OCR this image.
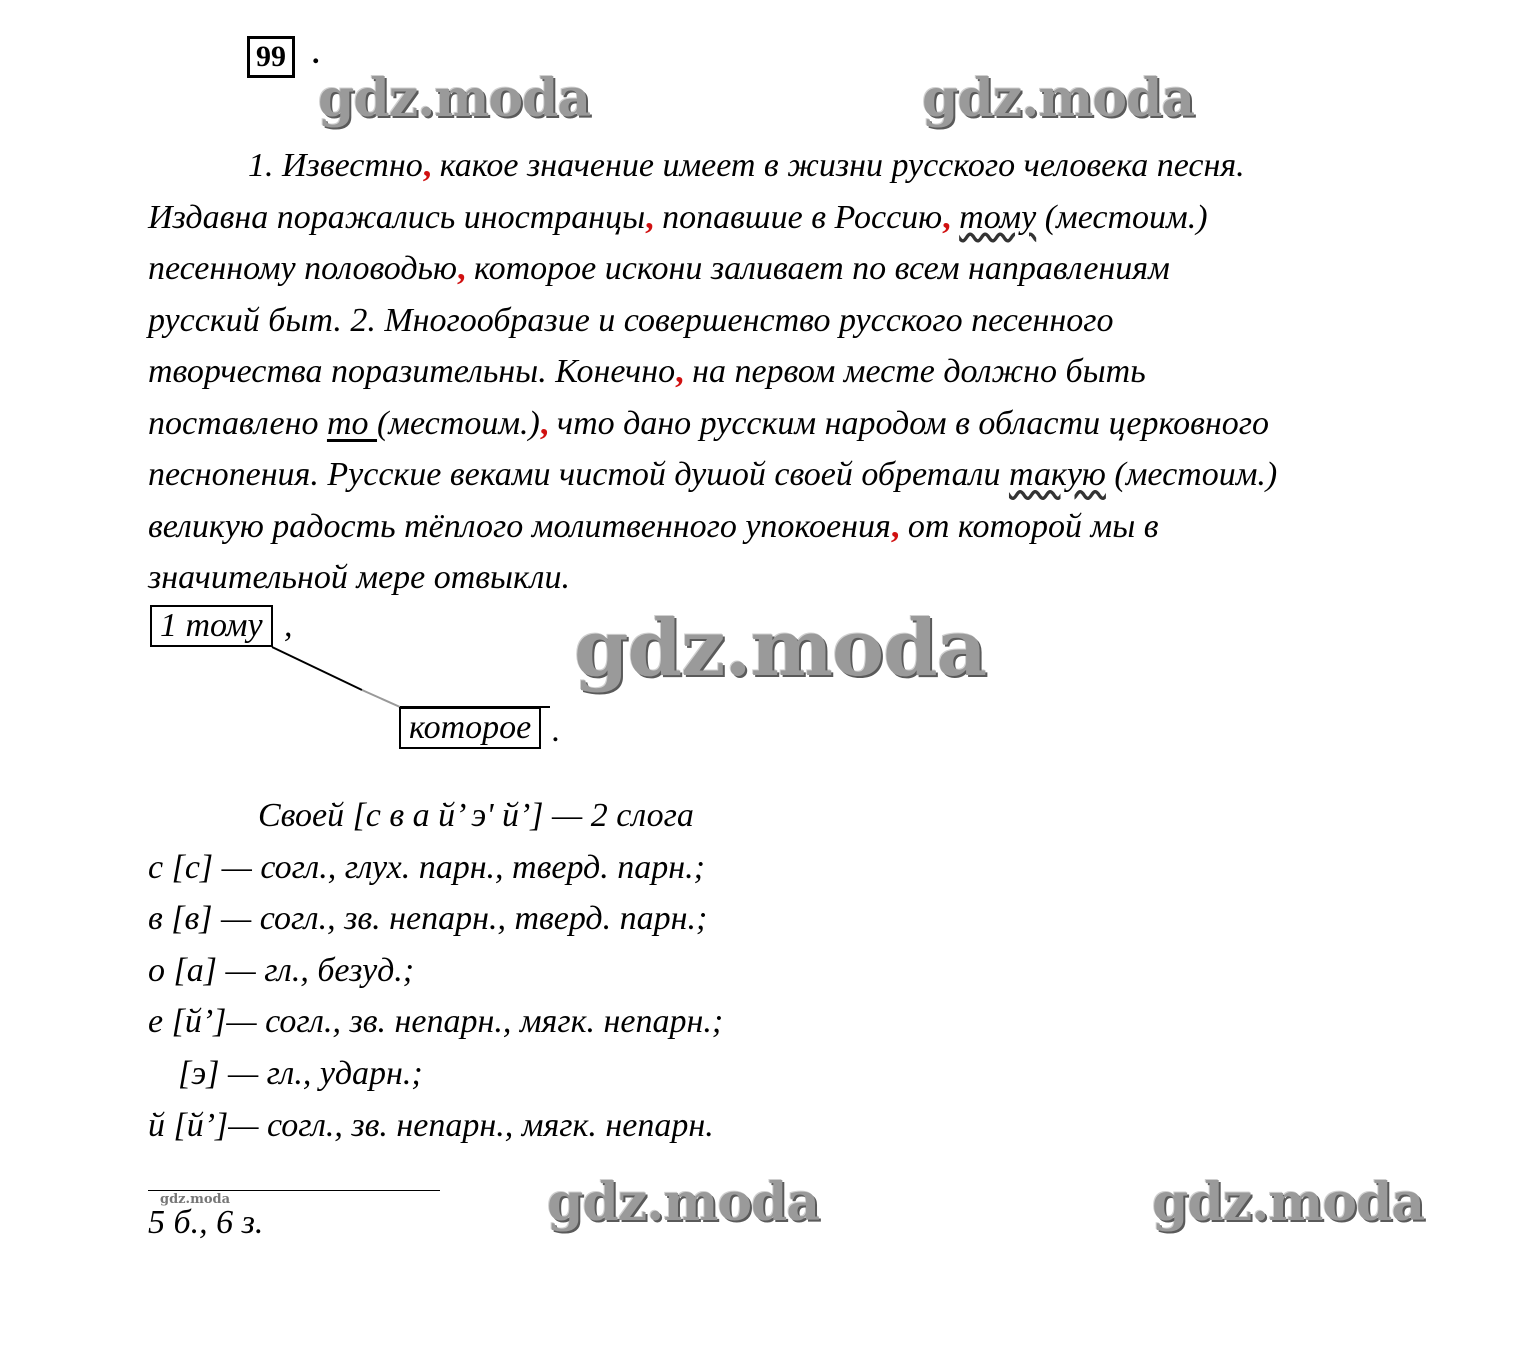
99 .
gdz.moda	gdz.moda
1. Известно, какое значение имеет в жизни русского человека песня.
Издавна поражались иностранцы, попавшие в Россию, тому (местоим.)
песенному половодью, которое искони заливает по всем направлениям
русский быт. 2. Многообразие и совершенство русского песенного
творчества поразительны. Конечно, на первом месте должно быть
поставлено то (местоим.), что дано русским народом в области церковного
песнопения. Русские веками чистой душой своей обретали такую (местоим.)
великую радость тёплого молитвенного упокоения, от которой мы в
значительной мере отвыкли.
1 тому ,
которое .
gdz.moda
Своей [с в а й’ э' й’] — 2 слога
с [с] — согл., глух. парн., тверд. парн.;
в [в] — согл., зв. непарн., тверд. парн.;
о [а] — гл., безуд.;
е [й’]— согл., зв. непарн., мягк. непарн.;
[э] — гл., ударн.;
й [й’]— согл., зв. непарн., мягк. непарн.
gdz.moda
5 б., 6 з.	gdz.moda	gdz.moda
